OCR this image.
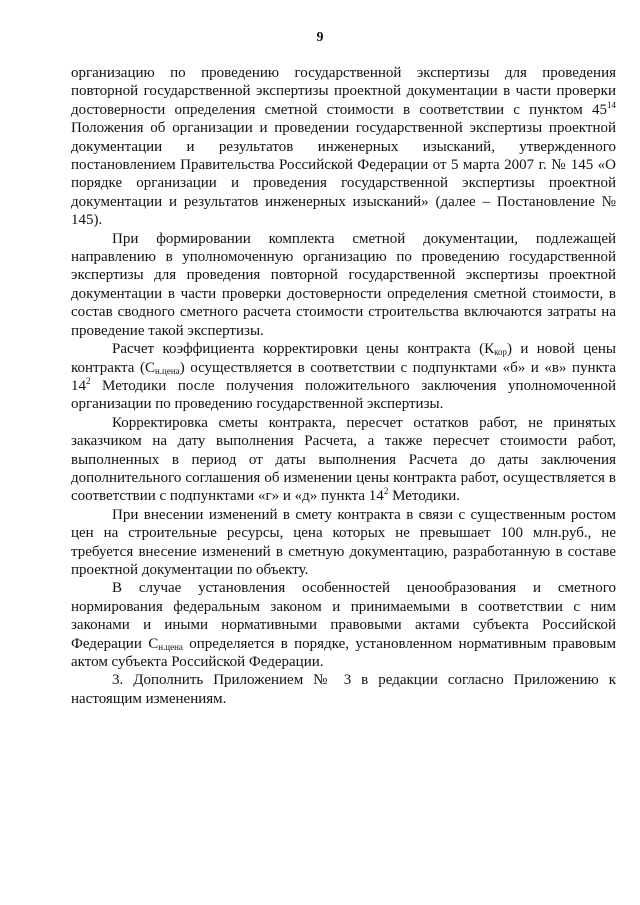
9

организацию по проведению государственной экспертизы для проведения повторной государственной экспертизы проектной документации в части проверки достоверности определения сметной стоимости в соответствии с пунктом $45^{14}$ Положения об организации и проведении государственной экспертизы проектной документации и результатов инженерных изысканий, утвержденного постановлением Правительства Российской Федерации от 5 марта 2007 г. № 145 «О порядке организации и проведения государственной экспертизы проектной документации и результатов инженерных изысканий» (далее – Постановление № 145).

При формировании комплекта сметной документации, подлежащей направлению в уполномоченную организацию по проведению государственной экспертизы для проведения повторной государственной экспертизы проектной документации в части проверки достоверности определения сметной стоимости, в состав сводного сметного расчета стоимости строительства включаются затраты на проведение такой экспертизы.

Расчет коэффициента корректировки цены контракта $(К_{кор})$ и новой цены контракта $(С_{н.цена})$ осуществляется в соответствии с подпунктами «б» и «в» пункта $14^2$ Методики после получения положительного заключения уполномоченной организации по проведению государственной экспертизы.

Корректировка сметы контракта, пересчет остатков работ, не принятых заказчиком на дату выполнения Расчета, а также пересчет стоимости работ, выполненных в период от даты выполнения Расчета до даты заключения дополнительного соглашения об изменении цены контракта работ, осуществляется в соответствии с подпунктами «г» и «д» пункта $14^2$ Методики.

При внесении изменений в смету контракта в связи с существенным ростом цен на строительные ресурсы, цена которых не превышает 100 млн.руб., не требуется внесение изменений в сметную документацию, разработанную в составе проектной документации по объекту.

В случае установления особенностей ценообразования и сметного нормирования федеральным законом и принимаемыми в соответствии с ним законами и иными нормативными правовыми актами субъекта Российской Федерации $С_{н.цена}$ определяется в порядке, установленном нормативным правовым актом субъекта Российской Федерации.

3. Дополнить Приложением № 3 в редакции согласно Приложению к настоящим изменениям.
